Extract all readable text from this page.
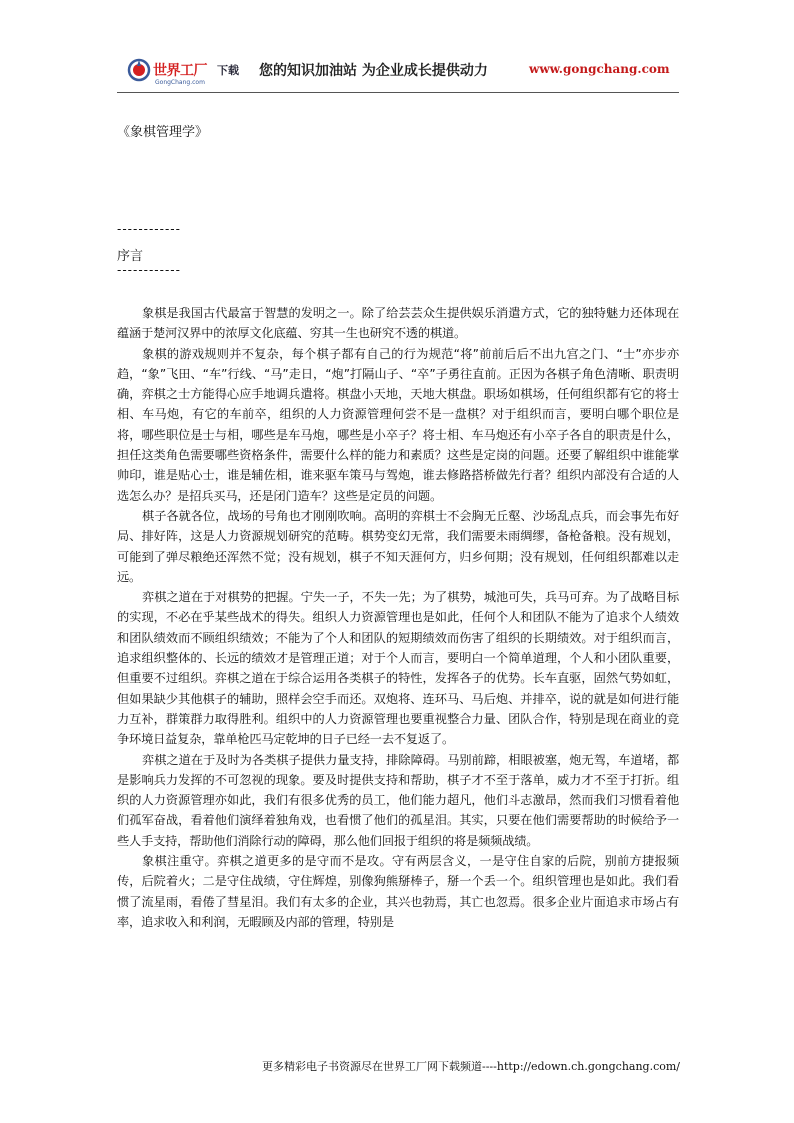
世界工厂
GongChang.com
下载 您的知识加油站 为企业成长提供动力	www.gongchang.com
《象棋管理学》
------------
序言
------------

象棋是我国古代最富于智慧的发明之一。除了给芸芸众生提供娱乐消遣方式，它的独特魅力还体现在蕴涵于楚河汉界中的浓厚文化底蕴、穷其一生也研究不透的棋道。

象棋的游戏规则并不复杂，每个棋子都有自己的行为规范“将”前前后后不出九宫之门、“士”亦步亦趋，“象”飞田、“车”行线、“马”走日，“炮”打隔山子、“卒”子勇往直前。正因为各棋子角色清晰、职责明确，弈棋之士方能得心应手地调兵遣将。棋盘小天地，天地大棋盘。职场如棋场，任何组织都有它的将士相、车马炮，有它的车前卒，组织的人力资源管理何尝不是一盘棋？对于组织而言，要明白哪个职位是将，哪些职位是士与相，哪些是车马炮，哪些是小卒子？将士相、车马炮还有小卒子各自的职责是什么，担任这类角色需要哪些资格条件，需要什么样的能力和素质？这些是定岗的问题。还要了解组织中谁能掌帅印，谁是贴心士，谁是辅佐相，谁来驱车策马与驾炮，谁去修路搭桥做先行者？组织内部没有合适的人选怎么办？是招兵买马，还是闭门造车？这些是定员的问题。

棋子各就各位，战场的号角也才刚刚吹响。高明的弈棋士不会胸无丘壑、沙场乱点兵，而会事先布好局、排好阵，这是人力资源规划研究的范畴。棋势变幻无常，我们需要未雨绸缪，备枪备粮。没有规划，可能到了弹尽粮绝还浑然不觉；没有规划，棋子不知天涯何方，归乡何期；没有规划，任何组织都难以走远。

弈棋之道在于对棋势的把握。宁失一子，不失一先；为了棋势，城池可失，兵马可弃。为了战略目标的实现，不必在乎某些战术的得失。组织人力资源管理也是如此，任何个人和团队不能为了追求个人绩效和团队绩效而不顾组织绩效；不能为了个人和团队的短期绩效而伤害了组织的长期绩效。对于组织而言，追求组织整体的、长远的绩效才是管理正道；对于个人而言，要明白一个简单道理，个人和小团队重要，但重要不过组织。弈棋之道在于综合运用各类棋子的特性，发挥各子的优势。长车直驱，固然气势如虹，但如果缺少其他棋子的辅助，照样会空手而还。双炮将、连环马、马后炮、并排卒，说的就是如何进行能力互补，群策群力取得胜利。组织中的人力资源管理也要重视整合力量、团队合作，特别是现在商业的竞争环境日益复杂，靠单枪匹马定乾坤的日子已经一去不复返了。

弈棋之道在于及时为各类棋子提供力量支持，排除障碍。马别前蹄，相眼被塞，炮无驾，车道堵，都是影响兵力发挥的不可忽视的现象。要及时提供支持和帮助，棋子才不至于落单，威力才不至于打折。组织的人力资源管理亦如此，我们有很多优秀的员工，他们能力超凡，他们斗志激昂，然而我们习惯看着他们孤军奋战，看着他们演绎着独角戏，也看惯了他们的孤星泪。其实，只要在他们需要帮助的时候给予一些人手支持，帮助他们消除行动的障碍，那么他们回报于组织的将是频频战绩。

象棋注重守。弈棋之道更多的是守而不是攻。守有两层含义，一是守住自家的后院，别前方捷报频传，后院着火；二是守住战绩，守住辉煌，别像狗熊掰棒子，掰一个丢一个。组织管理也是如此。我们看惯了流星雨，看倦了彗星泪。我们有太多的企业，其兴也勃焉，其亡也忽焉。很多企业片面追求市场占有率，追求收入和利润，无暇顾及内部的管理，特别是

更多精彩电子书资源尽在世界工厂网下载频道----http://edown.ch.gongchang.com/
